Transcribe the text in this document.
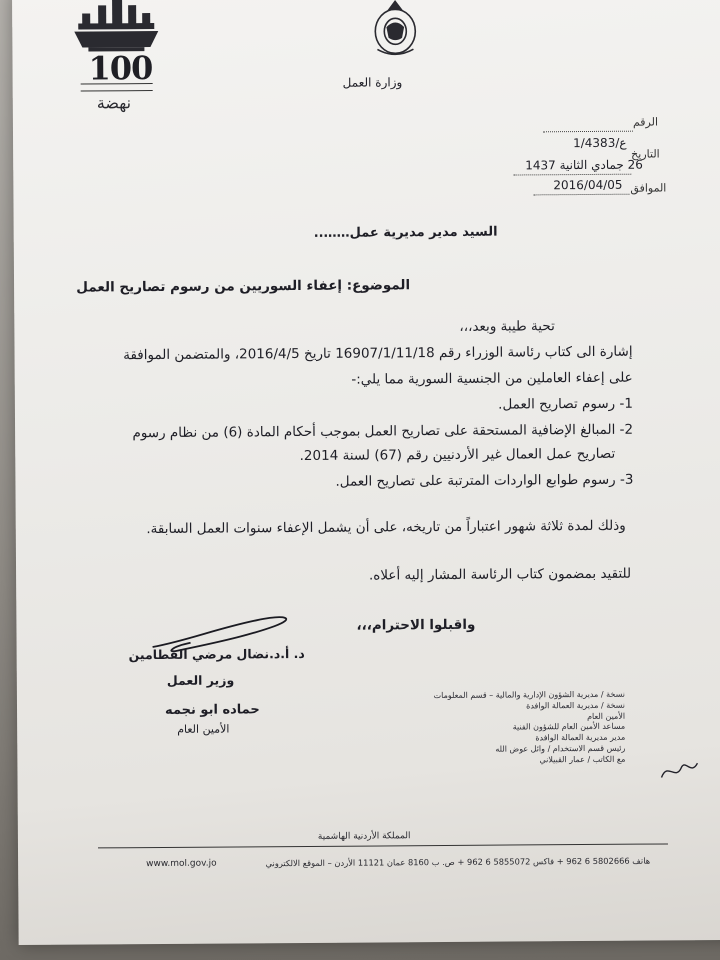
100
نهضة
وزارة العمل
الرقم
ع/1/4383
التاريخ
26 جمادي الثانية 1437
الموافق
2016/04/05
السيد مدير مديرية عمل……..
الموضوع: إعفاء السوريين من رسوم تصاريح العمل
تحية طيبة وبعد،،،
إشارة الى كتاب رئاسة الوزراء رقم 16907/1/11/18 تاريخ 2016/4/5، والمتضمن الموافقة
على إعفاء العاملين من الجنسية السورية مما يلي:-
1- رسوم تصاريح العمل.
2- المبالغ الإضافية المستحقة على تصاريح العمل بموجب أحكام المادة (6) من نظام رسوم
تصاريح عمل العمال غير الأردنيين رقم (67) لسنة 2014.
3- رسوم طوابع الواردات المترتبة على تصاريح العمل.
وذلك لمدة ثلاثة شهور اعتباراً من تاريخه، على أن يشمل الإعفاء سنوات العمل السابقة.
للتقيد بمضمون كتاب الرئاسة المشار إليه أعلاه.
واقبلوا الاحترام،،،
د. أ.د.نضال مرضي القطامين
وزير العمل
حماده ابو نجمه
الأمين العام
نسخة / مديرية الشؤون الإدارية والمالية – قسم المعلومات
نسخة / مديرية العمالة الوافدة
الأمين العام
مساعد الأمين العام للشؤون الفنية
مدير مديرية العمالة الوافدة
رئيس قسم الاستخدام / وائل عوض الله
مع الكاتب / عمار القبيلاني
المملكة الأردنية الهاشمية
هاتف 5802666 6 962 + فاكس 5855072 6 962 + ص. ب 8160 عمان 11121 الأردن – الموقع الالكتروني
www.mol.gov.jo
